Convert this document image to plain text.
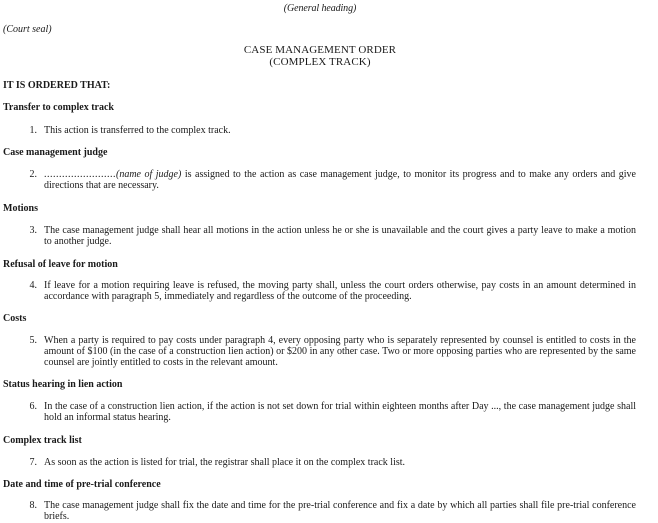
(General heading)
(Court seal)
CASE MANAGEMENT ORDER
(COMPLEX TRACK)
IT IS ORDERED THAT:
Transfer to complex track
1. This action is transferred to the complex track.
Case management judge
2. ........................(name of judge) is assigned to the action as case management judge, to monitor its progress and to make any orders and give directions that are necessary.
Motions
3. The case management judge shall hear all motions in the action unless he or she is unavailable and the court gives a party leave to make a motion to another judge.
Refusal of leave for motion
4. If leave for a motion requiring leave is refused, the moving party shall, unless the court orders otherwise, pay costs in an amount determined in accordance with paragraph 5, immediately and regardless of the outcome of the proceeding.
Costs
5. When a party is required to pay costs under paragraph 4, every opposing party who is separately represented by counsel is entitled to costs in the amount of $100 (in the case of a construction lien action) or $200 in any other case. Two or more opposing parties who are represented by the same counsel are jointly entitled to costs in the relevant amount.
Status hearing in lien action
6. In the case of a construction lien action, if the action is not set down for trial within eighteen months after Day ..., the case management judge shall hold an informal status hearing.
Complex track list
7. As soon as the action is listed for trial, the registrar shall place it on the complex track list.
Date and time of pre-trial conference
8. The case management judge shall fix the date and time for the pre-trial conference and fix a date by which all parties shall file pre-trial conference briefs.
